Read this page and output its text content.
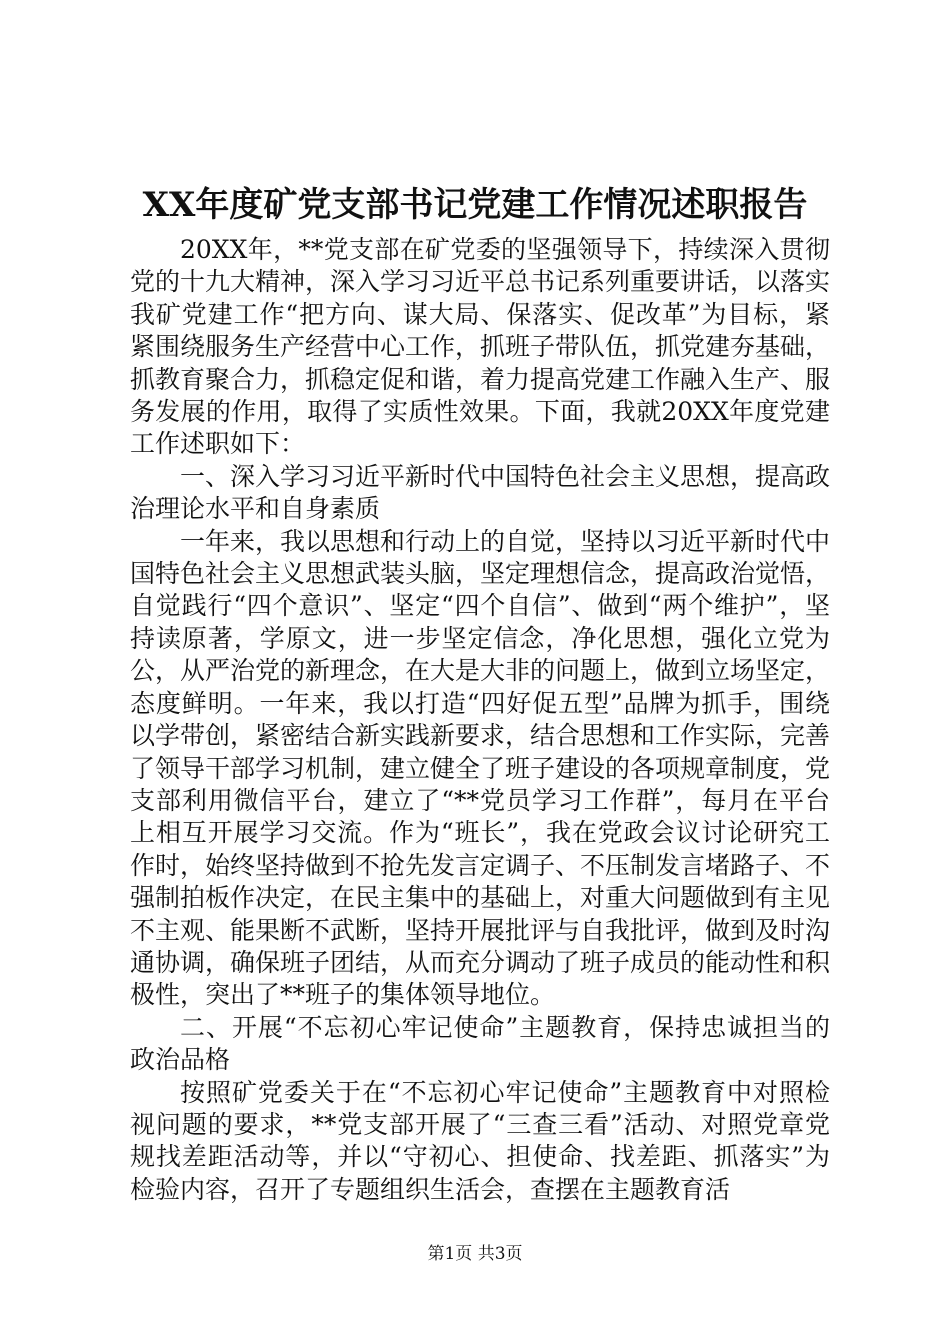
XX年度矿党支部书记党建工作情况述职报告

20XX年，**党支部在矿党委的坚强领导下，持续深入贯彻党的十九大精神，深入学习习近平总书记系列重要讲话，以落实我矿党建工作“把方向、谋大局、保落实、促改革”为目标，紧紧围绕服务生产经营中心工作，抓班子带队伍，抓党建夯基础，抓教育聚合力，抓稳定促和谐，着力提高党建工作融入生产、服务发展的作用，取得了实质性效果。下面，我就20XX年度党建工作述职如下：

一、深入学习习近平新时代中国特色社会主义思想，提高政治理论水平和自身素质

一年来，我以思想和行动上的自觉，坚持以习近平新时代中国特色社会主义思想武装头脑，坚定理想信念，提高政治觉悟，自觉践行“四个意识”、坚定“四个自信”、做到“两个维护”，坚持读原著，学原文，进一步坚定信念，净化思想，强化立党为公，从严治党的新理念，在大是大非的问题上，做到立场坚定，态度鲜明。一年来，我以打造“四好促五型”品牌为抓手，围绕以学带创，紧密结合新实践新要求，结合思想和工作实际，完善了领导干部学习机制，建立健全了班子建设的各项规章制度，党支部利用微信平台，建立了“**党员学习工作群”，每月在平台上相互开展学习交流。作为“班长”，我在党政会议讨论研究工作时，始终坚持做到不抢先发言定调子、不压制发言堵路子、不强制拍板作决定，在民主集中的基础上，对重大问题做到有主见不主观、能果断不武断，坚持开展批评与自我批评，做到及时沟通协调，确保班子团结，从而充分调动了班子成员的能动性和积极性，突出了**班子的集体领导地位。

二、开展“不忘初心牢记使命”主题教育，保持忠诚担当的政治品格

按照矿党委关于在“不忘初心牢记使命”主题教育中对照检视问题的要求，**党支部开展了“三查三看”活动、对照党章党规找差距活动等，并以“守初心、担使命、找差距、抓落实”为检验内容，召开了专题组织生活会，查摆在主题教育活

第1页 共3页
